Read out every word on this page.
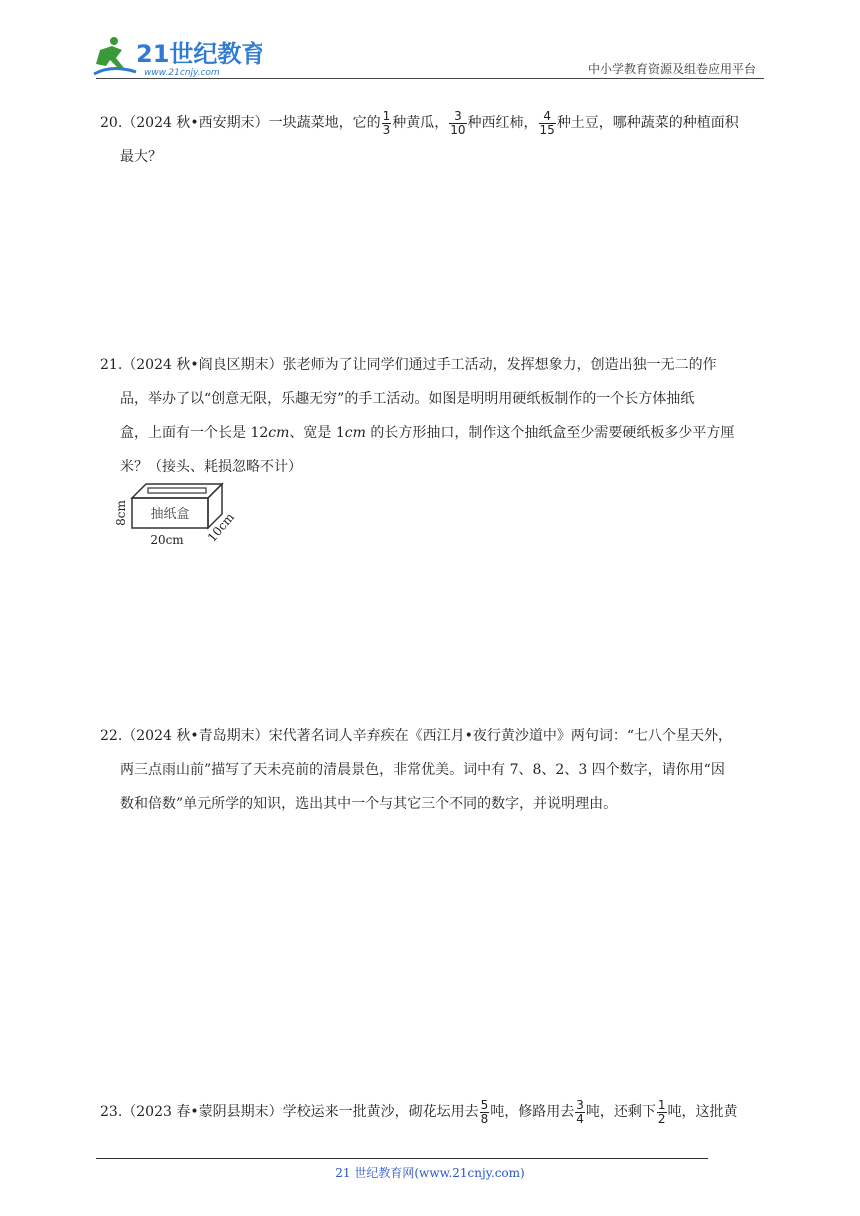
21世纪教育
www.21cnjy.com	中小学教育资源及组卷应用平台

20.（2024 秋•西安期末）一块蔬菜地，它的 $\frac{1}{3}$ 种黄瓜， $\frac{3}{10}$ 种西红柿， $\frac{4}{15}$ 种土豆，哪种蔬菜的种植面积

最大？

21.（2024 秋•阎良区期末）张老师为了让同学们通过手工活动，发挥想象力，创造出独一无二的作

品，举办了以“创意无限，乐趣无穷”的手工活动。如图是明明用硬纸板制作的一个长方体抽纸

盒，上面有一个长是 12cm、宽是 1cm 的长方形抽口，制作这个抽纸盒至少需要硬纸板多少平方厘

米？（接头、耗损忽略不计）

抽纸盒
8cm
20cm 10cm

22.（2024 秋•青岛期末）宋代著名词人辛弃疾在《西江月•夜行黄沙道中》两句词：“七八个星天外，

两三点雨山前”描写了天未亮前的清晨景色，非常优美。词中有 7、8、2、3 四个数字，请你用“因

数和倍数”单元所学的知识，选出其中一个与其它三个不同的数字，并说明理由。

23.（2023 春•蒙阴县期末）学校运来一批黄沙，砌花坛用去 $\frac{5}{8}$ 吨，修路用去 $\frac{3}{4}$ 吨，还剩下 $\frac{1}{2}$ 吨，这批黄

21 世纪教育网(www.21cnjy.com)
